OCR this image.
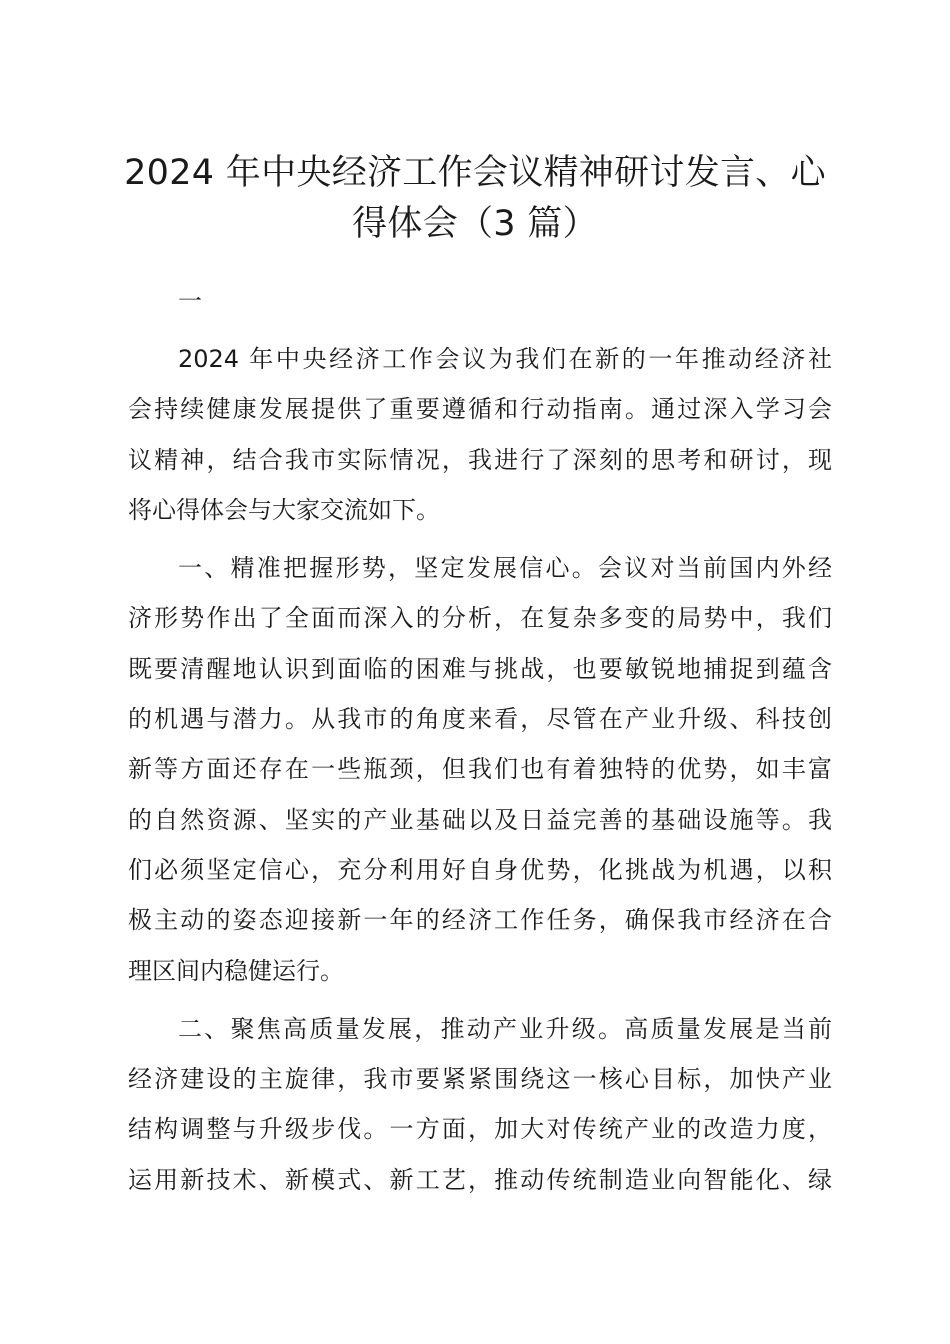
2024 年中央经济工作会议精神研讨发言、心
得体会（3 篇）
一

2024 年中央经济工作会议为我们在新的一年推动经济社
会持续健康发展提供了重要遵循和行动指南。通过深入学习会
议精神，结合我市实际情况，我进行了深刻的思考和研讨，现
将心得体会与大家交流如下。

一、精准把握形势，坚定发展信心。会议对当前国内外经
济形势作出了全面而深入的分析，在复杂多变的局势中，我们
既要清醒地认识到面临的困难与挑战，也要敏锐地捕捉到蕴含
的机遇与潜力。从我市的角度来看，尽管在产业升级、科技创
新等方面还存在一些瓶颈，但我们也有着独特的优势，如丰富
的自然资源、坚实的产业基础以及日益完善的基础设施等。我
们必须坚定信心，充分利用好自身优势，化挑战为机遇，以积
极主动的姿态迎接新一年的经济工作任务，确保我市经济在合
理区间内稳健运行。

二、聚焦高质量发展，推动产业升级。高质量发展是当前
经济建设的主旋律，我市要紧紧围绕这一核心目标，加快产业
结构调整与升级步伐。一方面，加大对传统产业的改造力度，
运用新技术、新模式、新工艺，推动传统制造业向智能化、绿
